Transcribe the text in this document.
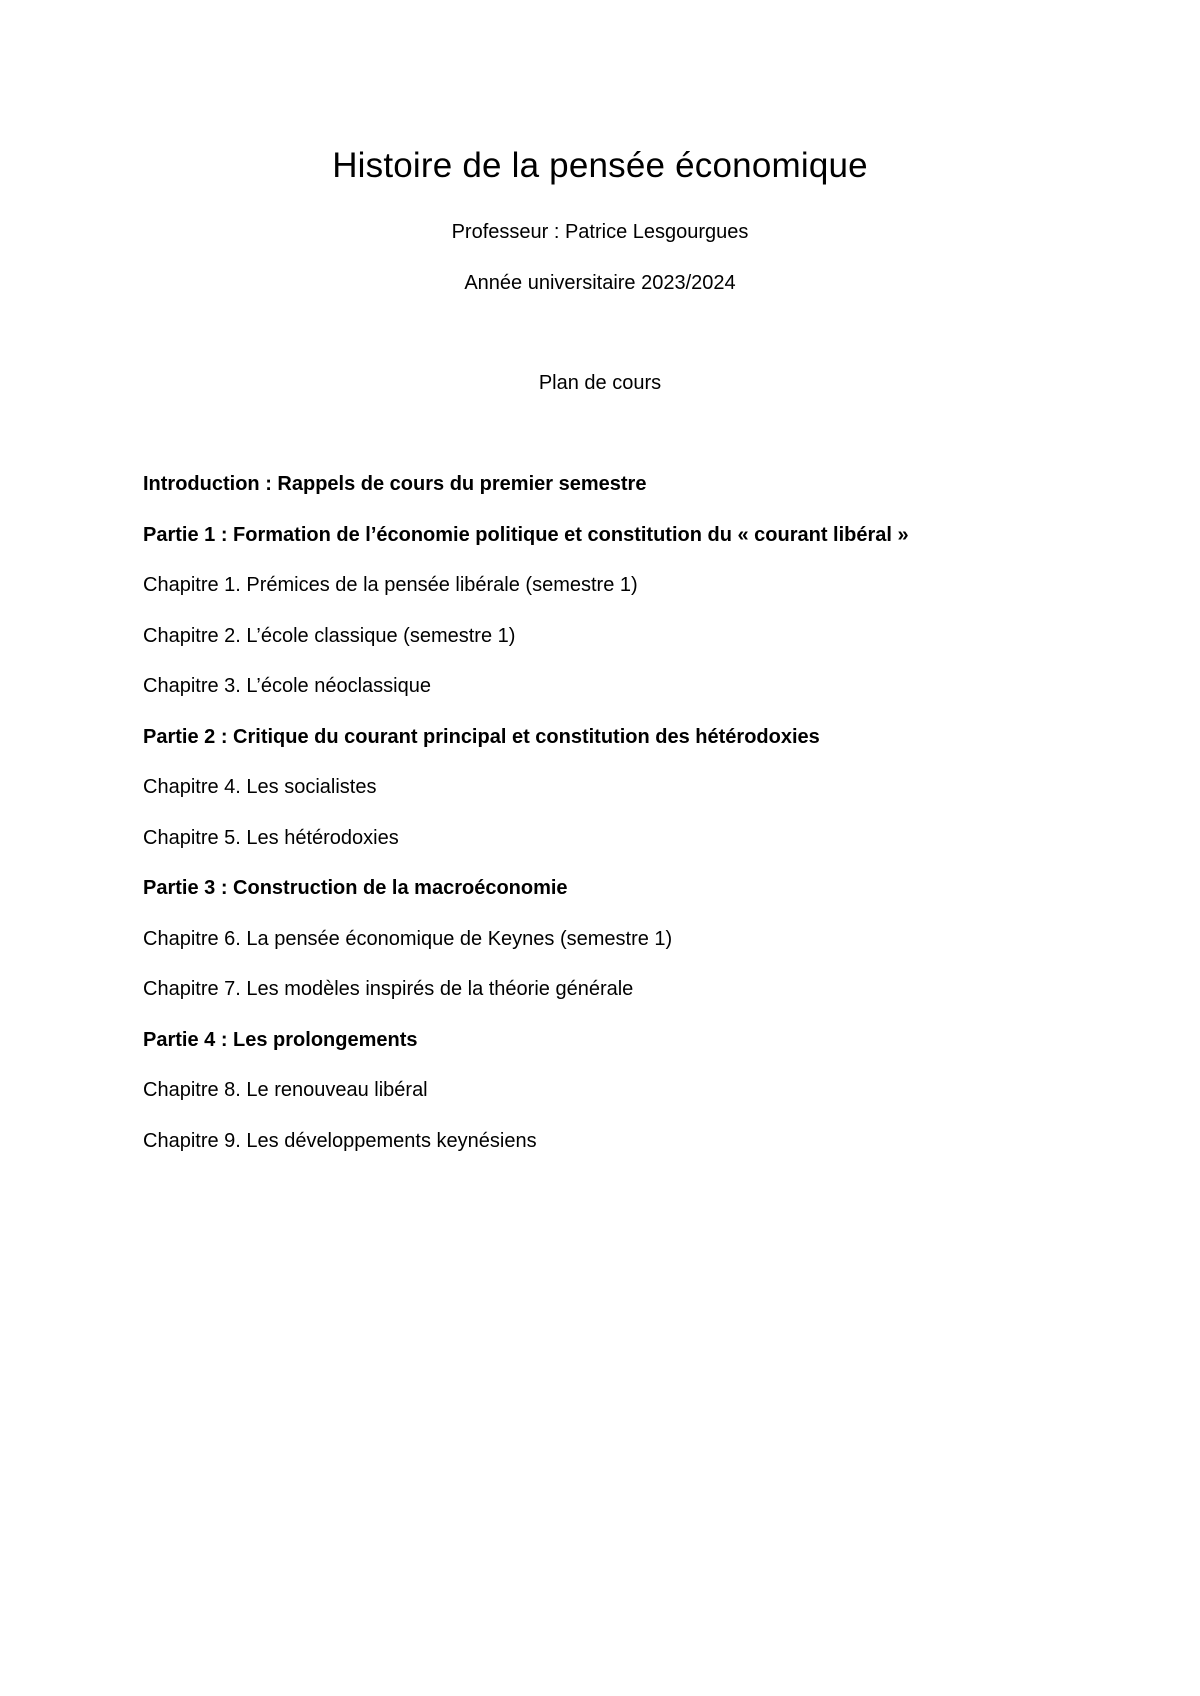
Histoire de la pensée économique
Professeur : Patrice Lesgourgues
Année universitaire 2023/2024
Plan de cours
Introduction : Rappels de cours du premier semestre
Partie 1 : Formation de l’économie politique et constitution du « courant libéral »
Chapitre 1. Prémices de la pensée libérale (semestre 1)
Chapitre 2. L’école classique (semestre 1)
Chapitre 3. L’école néoclassique
Partie 2 : Critique du courant principal et constitution des hétérodoxies
Chapitre 4. Les socialistes
Chapitre 5. Les hétérodoxies
Partie 3 : Construction de la macroéconomie
Chapitre 6. La pensée économique de Keynes (semestre 1)
Chapitre 7. Les modèles inspirés de la théorie générale
Partie 4 : Les prolongements
Chapitre 8. Le renouveau libéral
Chapitre 9. Les développements keynésiens
